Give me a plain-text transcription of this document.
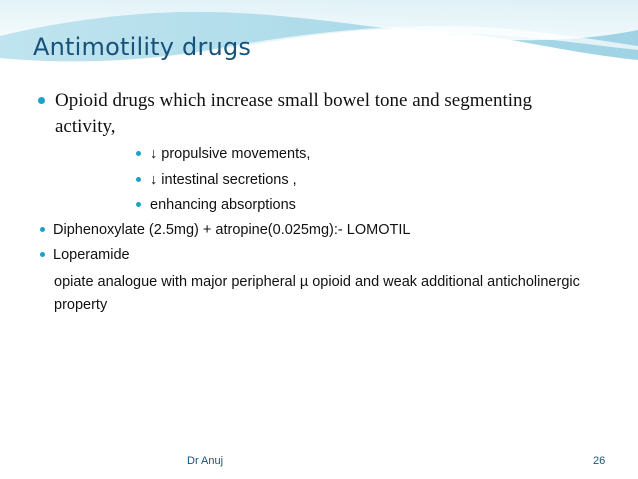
Antimotility drugs
Opioid drugs which increase small bowel tone and segmenting activity,
↓ propulsive movements,
↓ intestinal secretions ,
enhancing absorptions
Diphenoxylate (2.5mg) + atropine(0.025mg):- LOMOTIL
Loperamide
opiate analogue with major peripheral µ opioid and weak additional anticholinergic property
Dr Anuj	26
